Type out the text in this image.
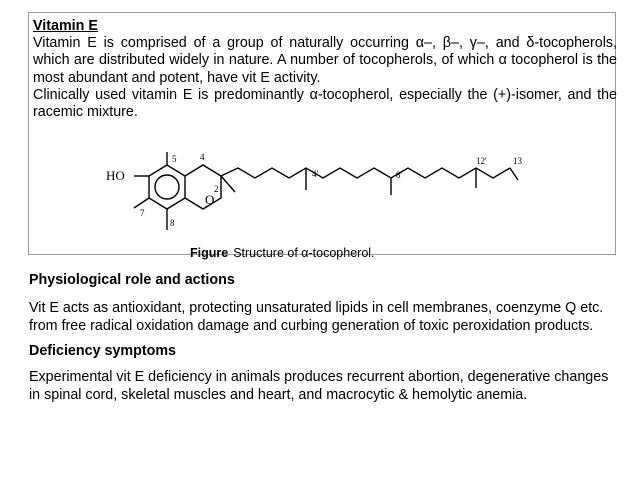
Vitamin E
Vitamin E is comprised of a group of naturally occurring α–, β–, γ–, and δ-tocopherols, which are distributed widely in nature. A number of tocopherols, of which α tocopherol is the most abundant and potent, have vit E activity.
Clinically used vitamin E is predominantly α-tocopherol, especially the (+)-isomer, and the racemic mixture.
HO
O
5	4
2
7
8
4'	8'
12'	13
Figure Structure of α-tocopherol.
Physiological role and actions
Vit E acts as antioxidant, protecting unsaturated lipids in cell membranes, coenzyme Q etc. from free radical oxidation damage and curbing generation of toxic peroxidation products.
Deficiency symptoms
Experimental vit E deficiency in animals produces recurrent abortion, degenerative changes in spinal cord, skeletal muscles and heart, and macrocytic & hemolytic anemia.
